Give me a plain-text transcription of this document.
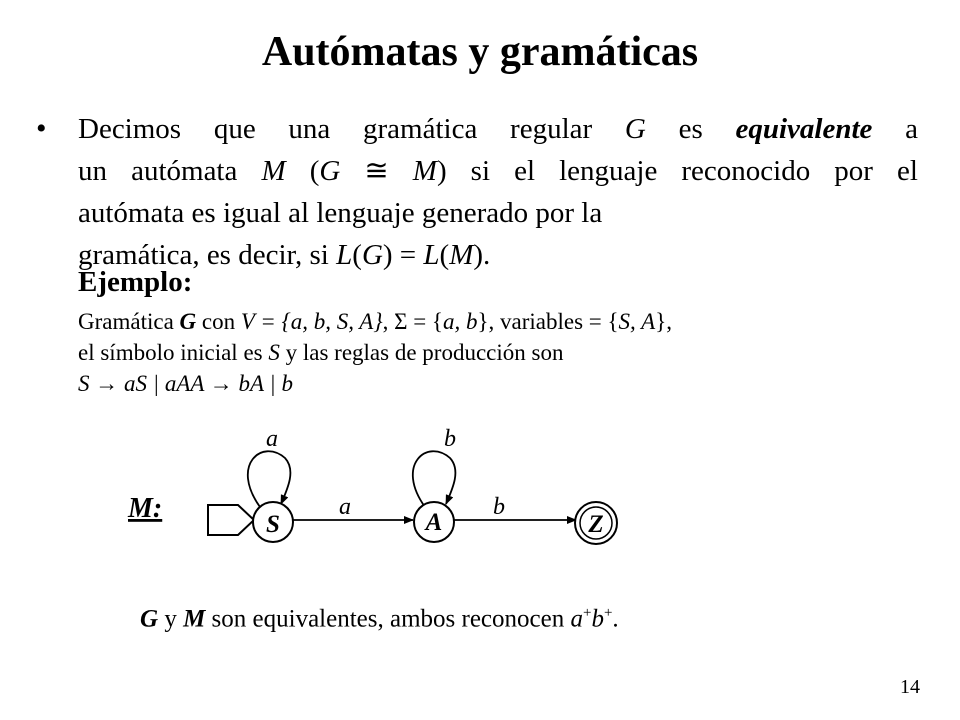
Autómatas y gramáticas
• Decimos que una gramática regular G es equivalente a
un autómata M (G ≅ M) si el lenguaje reconocido por el
autómata es igual al lenguaje generado por la
gramática, es decir, si L(G) = L(M).
Ejemplo:
Gramática G con V = {a, b, S, A}, Σ = {a, b}, variables = {S, A},
el símbolo inicial es S y las reglas de producción son
S → aS | aAA → bA | b
M:
S	A	Z
a	b
a	b
G y M son equivalentes, ambos reconocen a+b+.
14
